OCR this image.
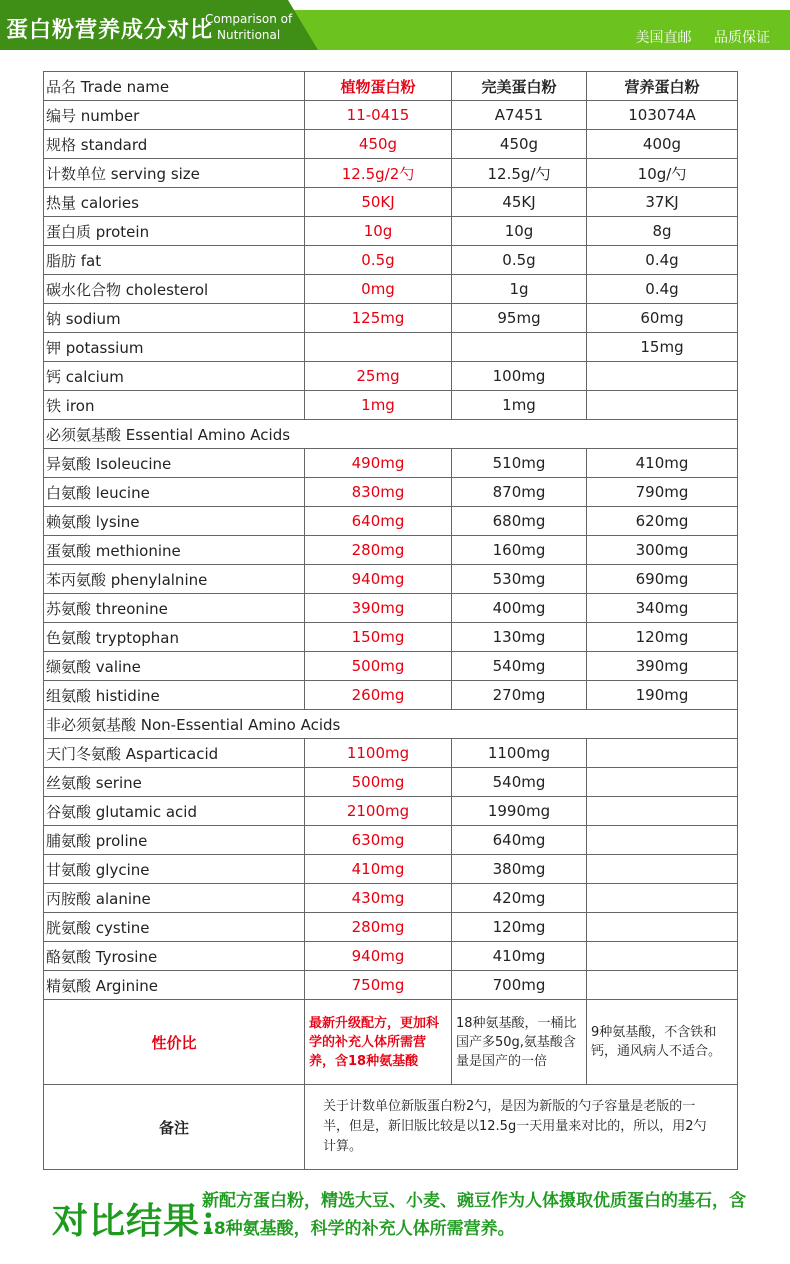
蛋白粉营养成分对比
Comparison of
Nutritional	美国直邮 品质保证
品名 Trade name	植物蛋白粉	完美蛋白粉	营养蛋白粉
编号 number	11-0415	A7451	103074A
规格 standard	450g	450g	400g
计数单位 serving size	12.5g/2勺	12.5g/勺	10g/勺
热量 calories	50KJ	45KJ	37KJ
蛋白质 protein	10g	10g	8g
脂肪 fat	0.5g	0.5g	0.4g
碳水化合物 cholesterol	0mg	1g	0.4g
钠 sodium	125mg	95mg	60mg
钾 potassium			15mg
钙 calcium	25mg	100mg	
铁 iron	1mg	1mg	
必须氨基酸 Essential Amino Acids			
异氨酸 Isoleucine	490mg	510mg	410mg
白氨酸 leucine	830mg	870mg	790mg
赖氨酸 lysine	640mg	680mg	620mg
蛋氨酸 methionine	280mg	160mg	300mg
苯丙氨酸 phenylalnine	940mg	530mg	690mg
苏氨酸 threonine	390mg	400mg	340mg
色氨酸 tryptophan	150mg	130mg	120mg
缬氨酸 valine	500mg	540mg	390mg
组氨酸 histidine	260mg	270mg	190mg
非必须氨基酸 Non-Essential Amino Acids			
天门冬氨酸 Asparticacid	1100mg	1100mg	
丝氨酸 serine	500mg	540mg	
谷氨酸 glutamic acid	2100mg	1990mg	
脯氨酸 proline	630mg	640mg	
甘氨酸 glycine	410mg	380mg	
丙胺酸 alanine	430mg	420mg	
胱氨酸 cystine	280mg	120mg	
酪氨酸 Tyrosine	940mg	410mg	
精氨酸 Arginine	750mg	700mg	
性价比	最新升级配方，更加科学的补充人体所需营养，含18种氨基酸	18种氨基酸，一桶比国产多50g,氨基酸含量是国产的一倍	9种氨基酸，不含铁和钙，通风病人不适合。

备注	关于计数单位新版蛋白粉2勺，是因为新版的勺子容量是老版的一半，但是，新旧版比较是以12.5g一天用量来对比的，所以，用2勺计算。		
对比结果：
新配方蛋白粉，精选大豆、小麦、豌豆作为人体摄取优质蛋白的基石，含18种氨基酸，科学的补充人体所需营养。
